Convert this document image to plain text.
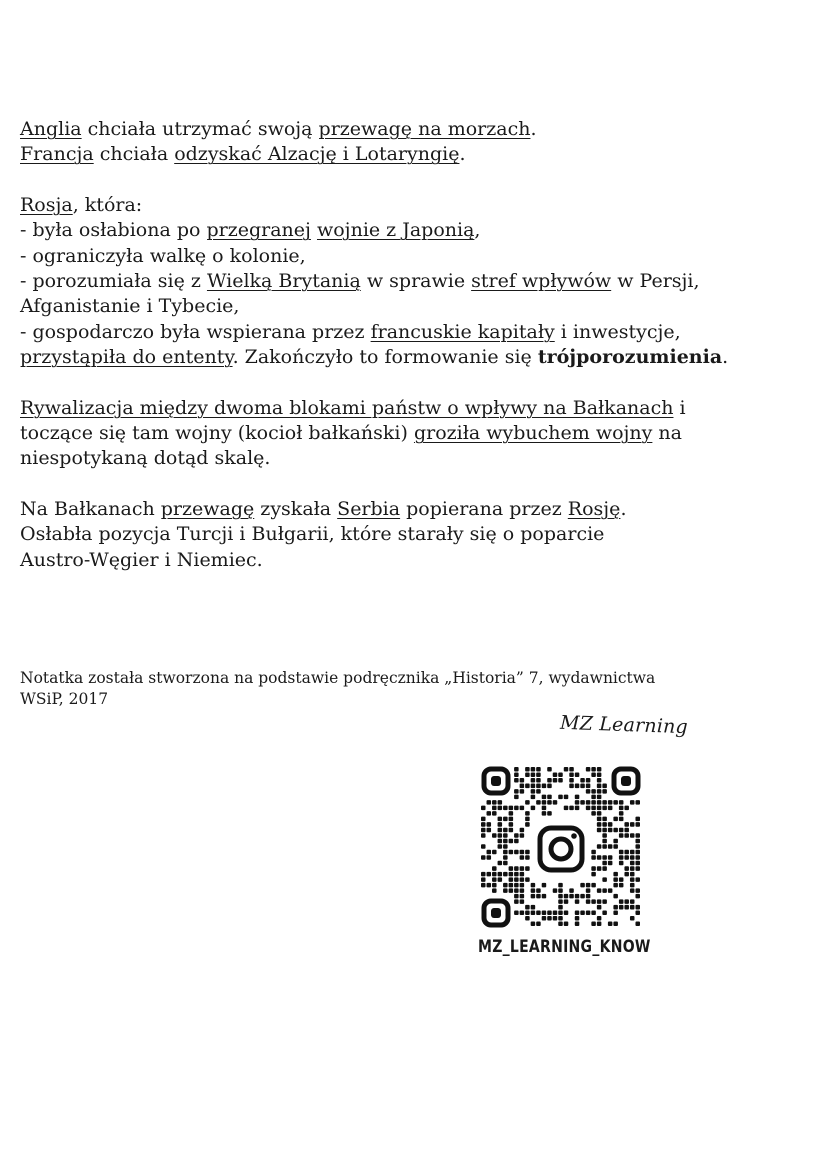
Anglia chciała utrzymać swoją przewagę na morzach.

Francja chciała odzyskać Alzację i Lotaryngię.

Rosja, która:

- była osłabiona po przegranej wojnie z Japonią,

- ograniczyła walkę o kolonie,

- porozumiała się z Wielką Brytanią w sprawie stref wpływów w Persji,

Afganistanie i Tybecie,

- gospodarczo była wspierana przez francuskie kapitały i inwestycje,

przystąpiła do ententy. Zakończyło to formowanie się trójporozumienia.

Rywalizacja między dwoma blokami państw o wpływy na Bałkanach i

toczące się tam wojny (kocioł bałkański) groziła wybuchem wojny na

niespotykaną dotąd skalę.

Na Bałkanach przewagę zyskała Serbia popierana przez Rosję.

Osłabła pozycja Turcji i Bułgarii, które starały się o poparcie

Austro-Węgier i Niemiec.

Notatka została stworzona na podstawie podręcznika „Historia” 7, wydawnictwa
WSiP, 2017
MZ Learning
MZ_LEARNING_KNOW
